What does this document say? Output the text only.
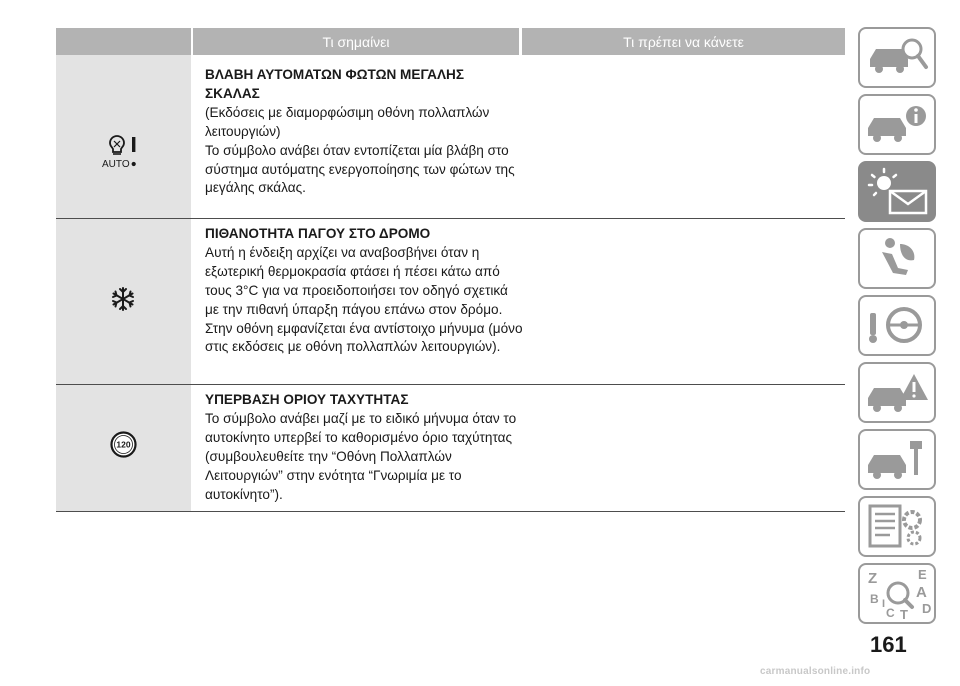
Τι σημαίνει	Τι πρέπει να κάνετε
AUTO
ΒΛΑΒΗ ΑΥΤΟΜΑΤΩΝ ΦΩΤΩΝ ΜΕΓΑΛΗΣ
ΣΚΑΛΑΣ
(Εκδόσεις με διαμορφώσιμη οθόνη πολλαπλών λειτουργιών)
Το σύμβολο ανάβει όταν εντοπίζεται μία βλάβη στο σύστημα αυτόματης ενεργοποίησης των φώτων της μεγάλης σκάλας.
ΠΙΘΑΝΟΤΗΤΑ ΠΑΓΟΥ ΣΤΟ ΔΡΟΜΟ
Αυτή η ένδειξη αρχίζει να αναβοσβήνει όταν η εξωτερική θερμοκρασία φτάσει ή πέσει κάτω από τους 3°C για να προειδοποιήσει τον οδηγό σχετικά με την πιθανή ύπαρξη πάγου επάνω στον δρόμο.
Στην οθόνη εμφανίζεται ένα αντίστοιχο μήνυμα (μόνο στις εκδόσεις με οθόνη πολλαπλών λειτουργιών).
120
ΥΠΕΡΒΑΣΗ ΟΡΙΟΥ ΤΑΧΥΤΗΤΑΣ
Το σύμβολο ανάβει μαζί με το ειδικό μήνυμα όταν το αυτοκίνητο υπερβεί το καθορισμένο όριο ταχύτητας (συμβουλευθείτε την “Οθόνη Πολλαπλών Λειτουργιών” στην ενότητα “Γνωριμία με το αυτοκίνητο”).
Z	E
B A
C T D
I
161
carmanualsonline.info
